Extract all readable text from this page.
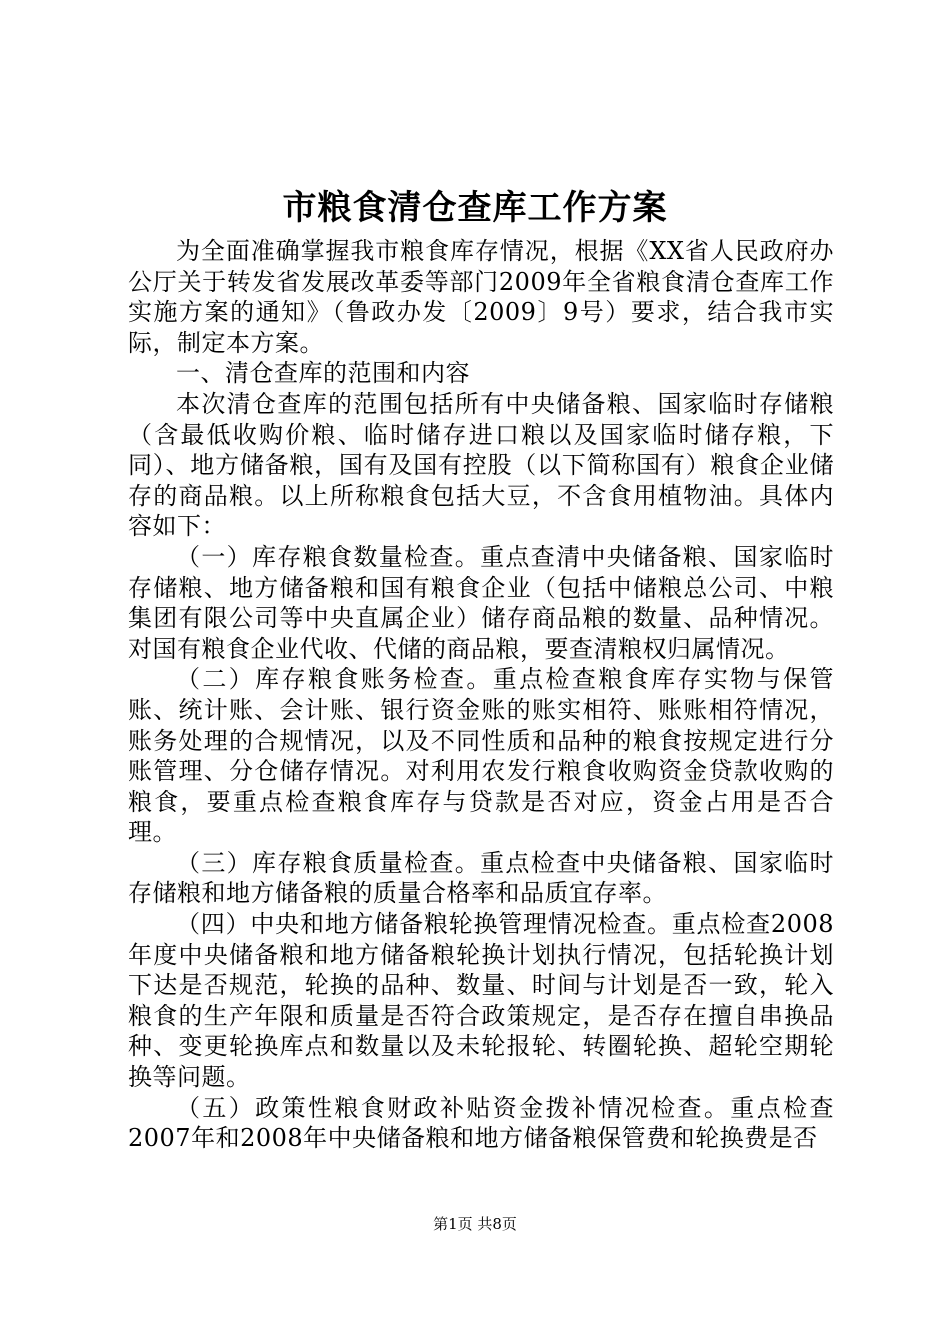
市粮食清仓查库工作方案

为全面准确掌握我市粮食库存情况，根据《XX省人民政府办公厅关于转发省发展改革委等部门2009年全省粮食清仓查库工作实施方案的通知》（鲁政办发〔2009〕9号）要求，结合我市实际，制定本方案。

一、清仓查库的范围和内容

本次清仓查库的范围包括所有中央储备粮、国家临时存储粮（含最低收购价粮、临时储存进口粮以及国家临时储存粮，下同）、地方储备粮，国有及国有控股（以下简称国有）粮食企业储存的商品粮。以上所称粮食包括大豆，不含食用植物油。具体内容如下：

（一）库存粮食数量检查。重点查清中央储备粮、国家临时存储粮、地方储备粮和国有粮食企业（包括中储粮总公司、中粮集团有限公司等中央直属企业）储存商品粮的数量、品种情况。对国有粮食企业代收、代储的商品粮，要查清粮权归属情况。

（二）库存粮食账务检查。重点检查粮食库存实物与保管账、统计账、会计账、银行资金账的账实相符、账账相符情况，账务处理的合规情况，以及不同性质和品种的粮食按规定进行分账管理、分仓储存情况。对利用农发行粮食收购资金贷款收购的粮食，要重点检查粮食库存与贷款是否对应，资金占用是否合理。

（三）库存粮食质量检查。重点检查中央储备粮、国家临时存储粮和地方储备粮的质量合格率和品质宜存率。

（四）中央和地方储备粮轮换管理情况检查。重点检查2008年度中央储备粮和地方储备粮轮换计划执行情况，包括轮换计划下达是否规范，轮换的品种、数量、时间与计划是否一致，轮入粮食的生产年限和质量是否符合政策规定，是否存在擅自串换品种、变更轮换库点和数量以及未轮报轮、转圈轮换、超轮空期轮换等问题。

（五）政策性粮食财政补贴资金拨补情况检查。重点检查2007年和2008年中央储备粮和地方储备粮保管费和轮换费是否

第1页 共8页
